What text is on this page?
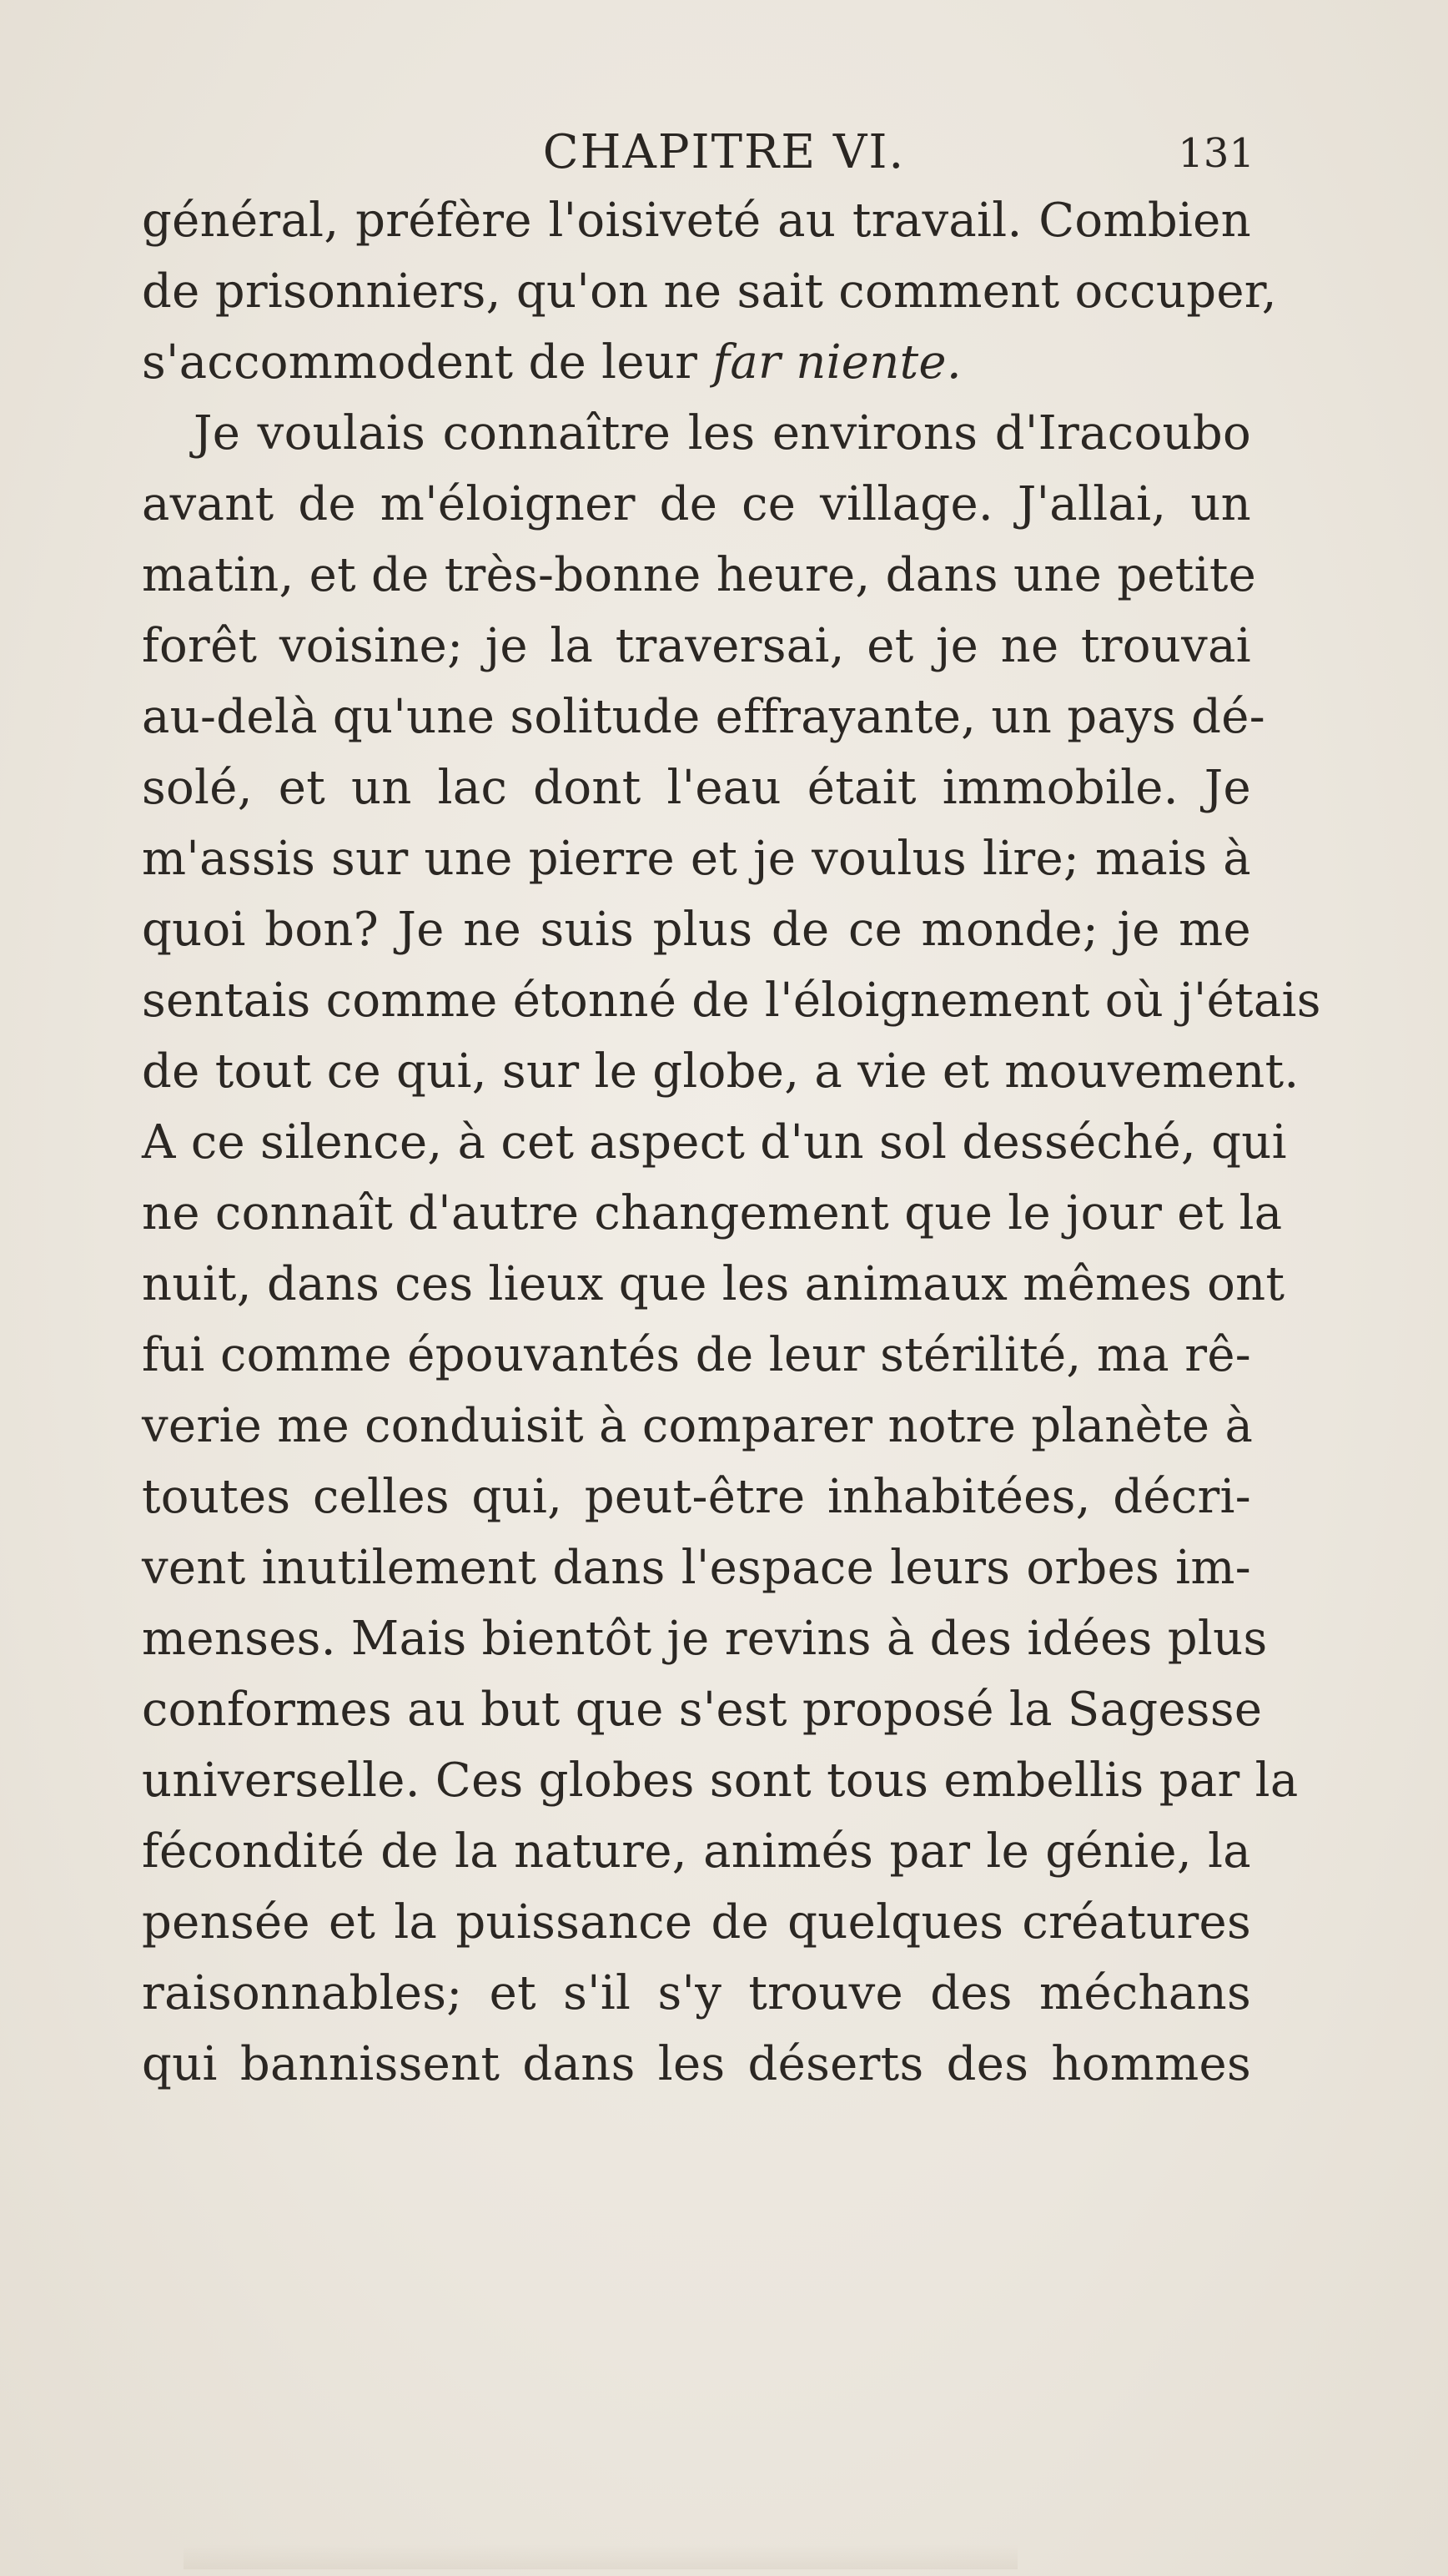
CHAPITRE VI.	131
général, préfère l'oisiveté au travail. Combien
de prisonniers, qu'on ne sait comment occuper,
s'accommodent de leur far niente.
Je voulais connaître les environs d'Iracoubo
avant de m'éloigner de ce village. J'allai, un
matin, et de très-bonne heure, dans une petite
forêt voisine; je la traversai, et je ne trouvai
au-delà qu'une solitude effrayante, un pays dé-
solé, et un lac dont l'eau était immobile. Je
m'assis sur une pierre et je voulus lire; mais à
quoi bon? Je ne suis plus de ce monde; je me
sentais comme étonné de l'éloignement où j'étais
de tout ce qui, sur le globe, a vie et mouvement.
A ce silence, à cet aspect d'un sol desséché, qui
ne connaît d'autre changement que le jour et la
nuit, dans ces lieux que les animaux mêmes ont
fui comme épouvantés de leur stérilité, ma rê-
verie me conduisit à comparer notre planète à
toutes celles qui, peut-être inhabitées, décri-
vent inutilement dans l'espace leurs orbes im-
menses. Mais bientôt je revins à des idées plus
conformes au but que s'est proposé la Sagesse
universelle. Ces globes sont tous embellis par la
fécondité de la nature, animés par le génie, la
pensée et la puissance de quelques créatures
raisonnables; et s'il s'y trouve des méchans
qui bannissent dans les déserts des hommes
